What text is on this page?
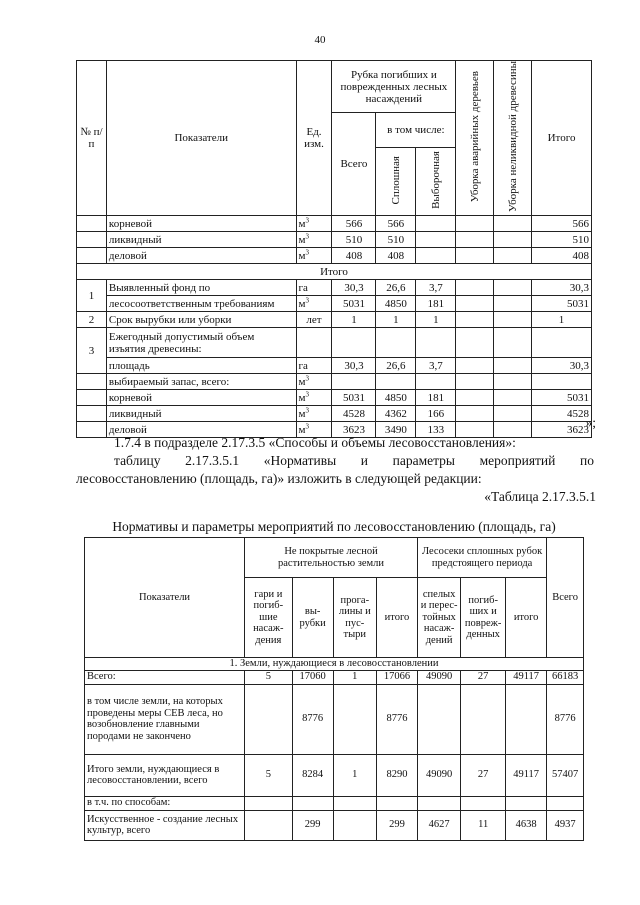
40
№ п/п	Показатели	Ед. изм.	Рубка погибших и поврежденных лесных насаждений			Уборка аварийных деревьев	Уборка неликвидной древесины	Итого
			Всего	в том числе:				
				Сплошная	Выборочная			
	корневой	$м^3$	566	566				566
	ликвидный	$м^3$	510	510				510
	деловой	$м^3$	408	408				408
Итого								
1	Выявленный фонд по	га	30,3	26,6	3,7			30,3
	лесосоответственным требованиям	$м^3$	5031	4850	181			5031
2	Срок вырубки или уборки	лет	1	1	1			1
3	Ежегодный допустимый объем изъятия древесины:							
	площадь	га	30,3	26,6	3,7			30,3
	выбираемый запас, всего:	$м^3$						
	корневой	$м^3$	5031	4850	181			5031
	ликвидный	$м^3$	4528	4362	166			4528
	деловой	$м^3$	3623	3490	133			3623
»;
1.7.4 в подразделе 2.17.3.5 «Способы и объемы лесовосстановления»:
таблицу 2.17.3.5.1 «Нормативы и параметры мероприятий по
лесовосстановлению (площадь, га)» изложить в следующей редакции:
«Таблица 2.17.3.5.1
Нормативы и параметры мероприятий по лесовосстановлению (площадь, га)
Показатели	Не покрытые лесной растительностью земли				Лесосеки сплошных рубок предстоящего периода			Всего
	гари и погиб-шие насаж-дения	вы-рубки	прога-лины и пус-тыри	итого	спелых и перес-тойных насаж-дений	погиб-ших и повреж-денных	итого	
1. Земли, нуждающиеся в лесовосстановлении								
Всего:	5	17060	1	17066	49090	27	49117	66183
в том числе земли, на которых проведены меры СЕВ леса, но возобновление главными породами не закончено		8776		8776				8776
Итого земли, нуждающиеся в лесовосстановлении, всего	5	8284	1	8290	49090	27	49117	57407
в т.ч. по способам:								
Искусственное - создание лесных культур, всего		299		299	4627	11	4638	4937
